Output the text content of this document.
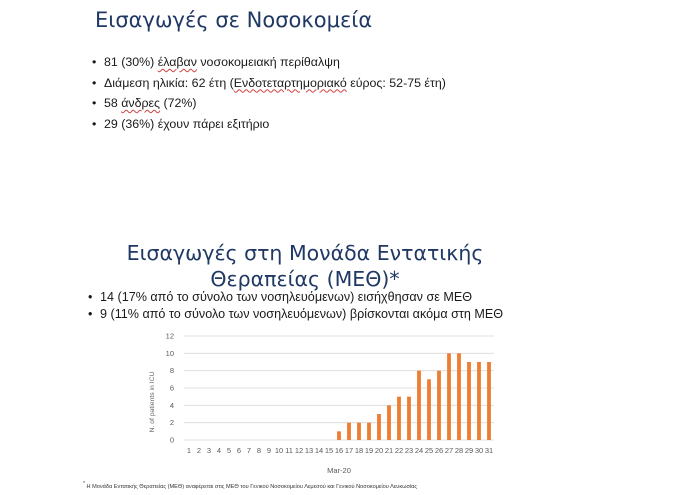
Εισαγωγές σε Νοσοκομεία
• 81 (30%) έλαβαν νοσοκομειακή περίθαλψη
• Διάμεση ηλικία: 62 έτη (Ενδοτεταρτημοριακό εύρος: 52-75 έτη)
• 58 άνδρες (72%)
• 29 (36%) έχουν πάρει εξιτήριο
Εισαγωγές στη Μονάδα Εντατικής Θεραπείας (ΜΕΘ)*
• 14 (17% από το σύνολο των νοσηλευόμενων) εισήχθησαν σε ΜΕΘ
• 9 (11% από το σύνολο των νοσηλευόμενων) βρίσκονται ακόμα στη ΜΕΘ
N. of patients in ICU
0
2
4
6
8
10
12
1 2 3 4 5 6 7 8 9 10 11 12 13 14 15 16 17 18 19 20 21 22 23 24 25 26 27 28 29 30 31
Mar-20
* Η Μονάδα Εντατικής Θεραπείας (ΜΕΘ) αναφέρεται στις ΜΕΘ του Γενικού Νοσοκομείου Λεμεσού και Γενικού Νοσοκομείου Λευκωσίας
